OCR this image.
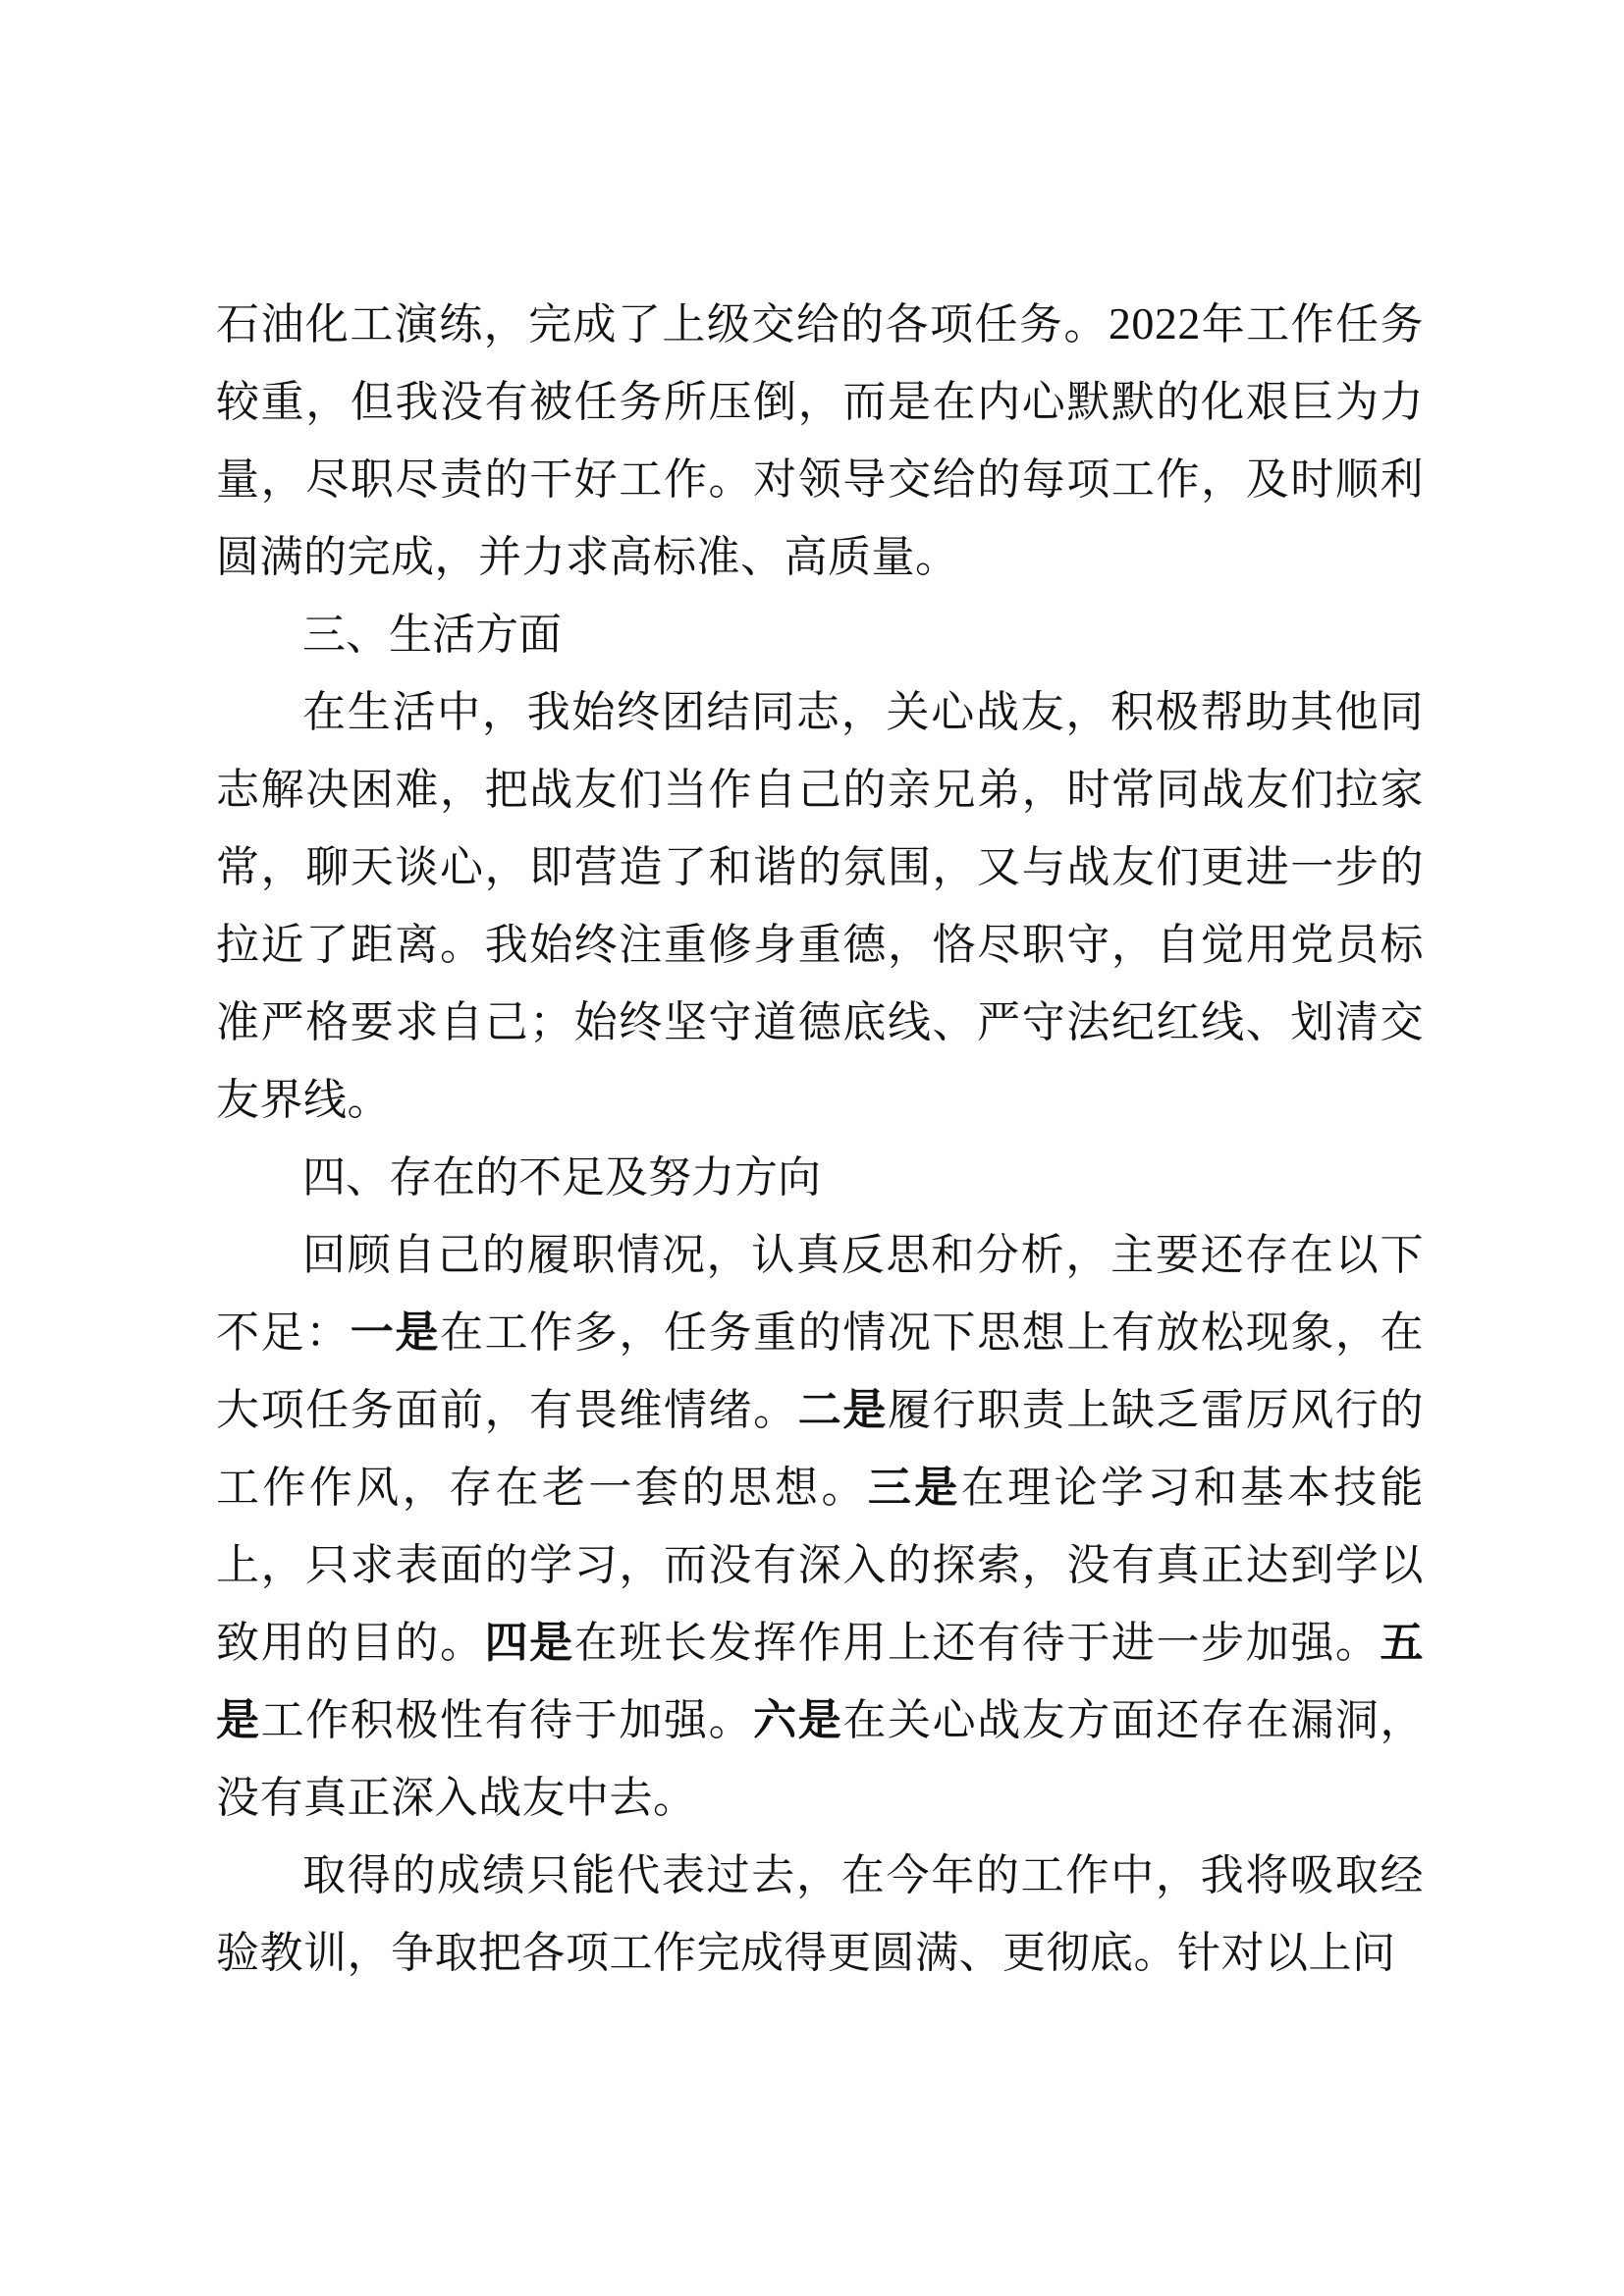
石油化工演练，完成了上级交给的各项任务。2022年工作任务较重，但我没有被任务所压倒，而是在内心默默的化艰巨为力量，尽职尽责的干好工作。对领导交给的每项工作，及时顺利圆满的完成，并力求高标准、高质量。

三、生活方面

在生活中，我始终团结同志，关心战友，积极帮助其他同志解决困难，把战友们当作自己的亲兄弟，时常同战友们拉家常，聊天谈心，即营造了和谐的氛围，又与战友们更进一步的拉近了距离。我始终注重修身重德，恪尽职守，自觉用党员标准严格要求自己；始终坚守道德底线、严守法纪红线、划清交友界线。

四、存在的不足及努力方向

回顾自己的履职情况，认真反思和分析，主要还存在以下不足：一是在工作多，任务重的情况下思想上有放松现象，在大项任务面前，有畏维情绪。二是履行职责上缺乏雷厉风行的工作作风，存在老一套的思想。三是在理论学习和基本技能上，只求表面的学习，而没有深入的探索，没有真正达到学以致用的目的。四是在班长发挥作用上还有待于进一步加强。五是工作积极性有待于加强。六是在关心战友方面还存在漏洞，没有真正深入战友中去。

取得的成绩只能代表过去，在今年的工作中，我将吸取经验教训，争取把各项工作完成得更圆满、更彻底。针对以上问
